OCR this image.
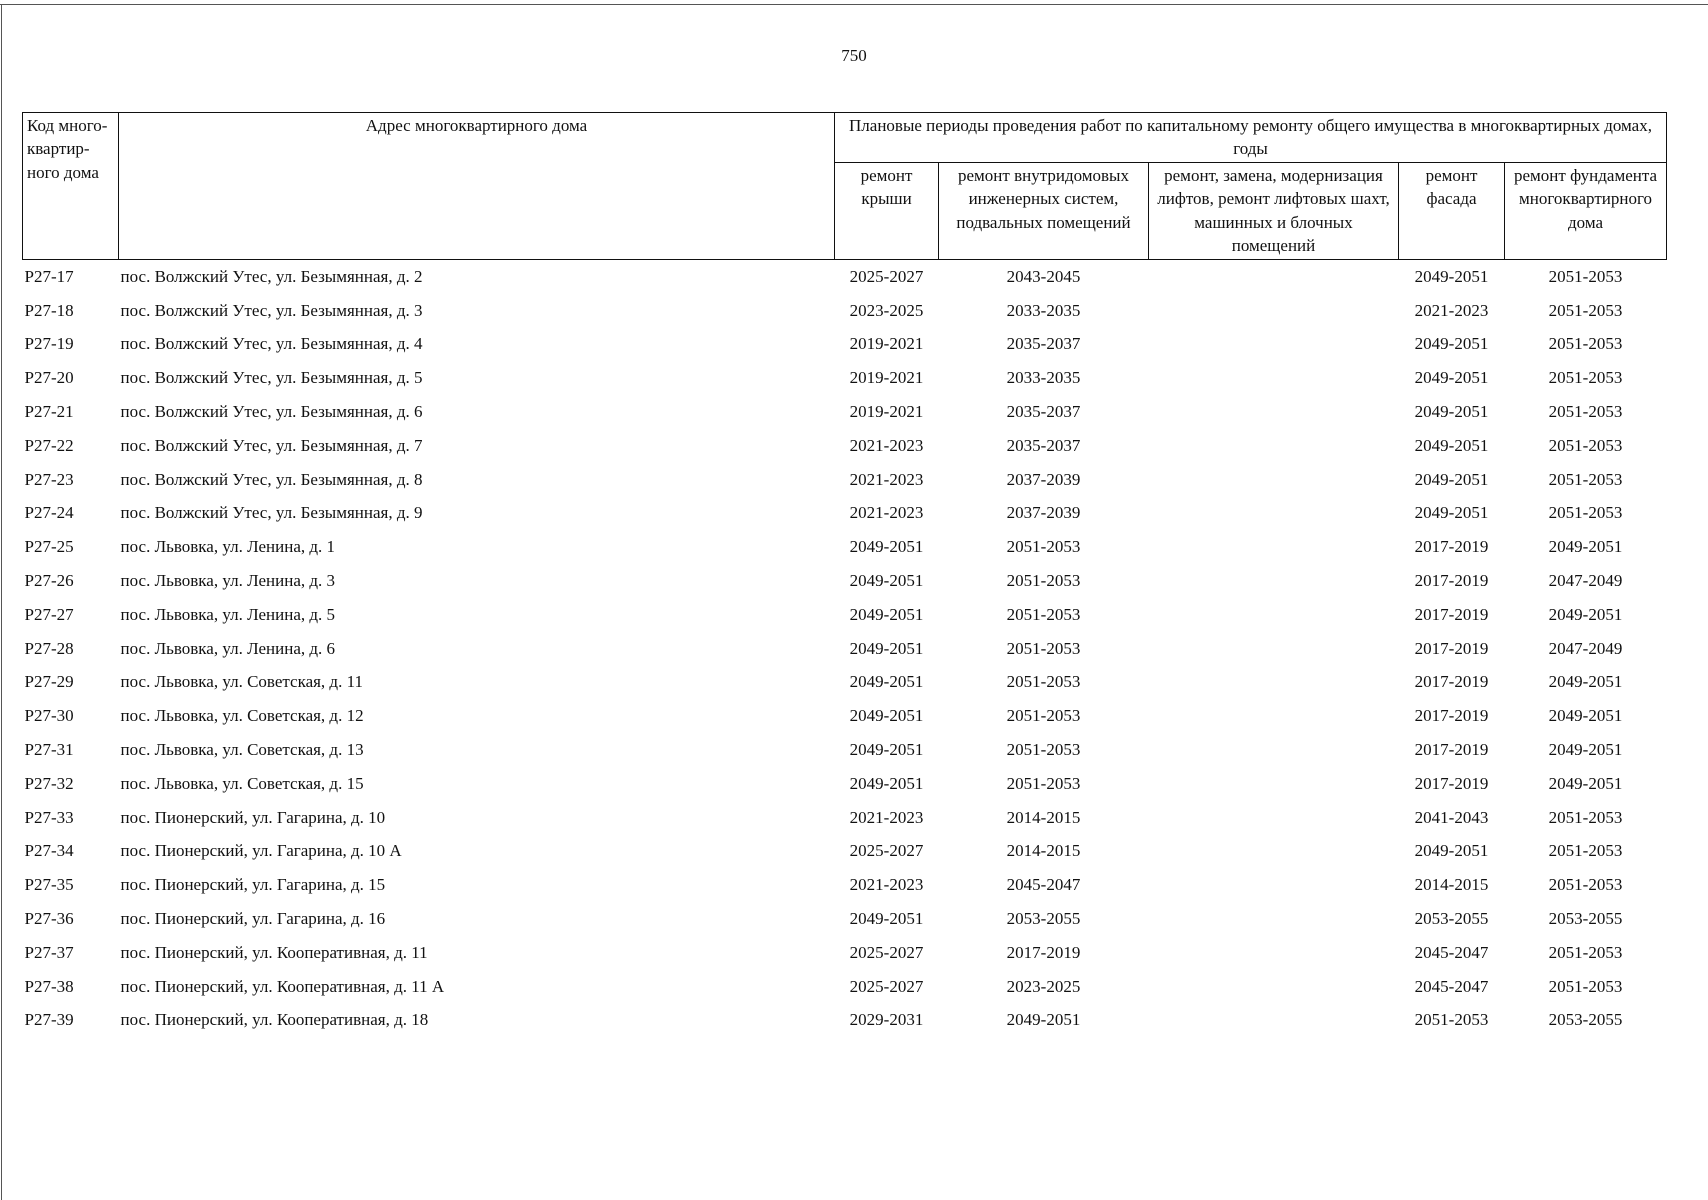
750
Код много-квартир-ного дома	Адрес многоквартирного дома	Плановые периоды проведения работ по капитальному ремонту общего имущества в многоквартирных домах, годы				
		ремонт крыши	ремонт внутридомовых инженерных систем, подвальных помещений	ремонт, замена, модернизация лифтов, ремонт лифтовых шахт, машинных и блочных помещений	ремонт фасада	ремонт фундамента многоквартирного дома
P27-17	пос. Волжский Утес, ул. Безымянная, д. 2	2025-2027	2043-2045		2049-2051	2051-2053
P27-18	пос. Волжский Утес, ул. Безымянная, д. 3	2023-2025	2033-2035		2021-2023	2051-2053
P27-19	пос. Волжский Утес, ул. Безымянная, д. 4	2019-2021	2035-2037		2049-2051	2051-2053
P27-20	пос. Волжский Утес, ул. Безымянная, д. 5	2019-2021	2033-2035		2049-2051	2051-2053
P27-21	пос. Волжский Утес, ул. Безымянная, д. 6	2019-2021	2035-2037		2049-2051	2051-2053
P27-22	пос. Волжский Утес, ул. Безымянная, д. 7	2021-2023	2035-2037		2049-2051	2051-2053
P27-23	пос. Волжский Утес, ул. Безымянная, д. 8	2021-2023	2037-2039		2049-2051	2051-2053
P27-24	пос. Волжский Утес, ул. Безымянная, д. 9	2021-2023	2037-2039		2049-2051	2051-2053
P27-25	пос. Львовка, ул. Ленина, д. 1	2049-2051	2051-2053		2017-2019	2049-2051
P27-26	пос. Львовка, ул. Ленина, д. 3	2049-2051	2051-2053		2017-2019	2047-2049
P27-27	пос. Львовка, ул. Ленина, д. 5	2049-2051	2051-2053		2017-2019	2049-2051
P27-28	пос. Львовка, ул. Ленина, д. 6	2049-2051	2051-2053		2017-2019	2047-2049
P27-29	пос. Львовка, ул. Советская, д. 11	2049-2051	2051-2053		2017-2019	2049-2051
P27-30	пос. Львовка, ул. Советская, д. 12	2049-2051	2051-2053		2017-2019	2049-2051
P27-31	пос. Львовка, ул. Советская, д. 13	2049-2051	2051-2053		2017-2019	2049-2051
P27-32	пос. Львовка, ул. Советская, д. 15	2049-2051	2051-2053		2017-2019	2049-2051
P27-33	пос. Пионерский, ул. Гагарина, д. 10	2021-2023	2014-2015		2041-2043	2051-2053
P27-34	пос. Пионерский, ул. Гагарина, д. 10 А	2025-2027	2014-2015		2049-2051	2051-2053
P27-35	пос. Пионерский, ул. Гагарина, д. 15	2021-2023	2045-2047		2014-2015	2051-2053
P27-36	пос. Пионерский, ул. Гагарина, д. 16	2049-2051	2053-2055		2053-2055	2053-2055
P27-37	пос. Пионерский, ул. Кооперативная, д. 11	2025-2027	2017-2019		2045-2047	2051-2053
P27-38	пос. Пионерский, ул. Кооперативная, д. 11 А	2025-2027	2023-2025		2045-2047	2051-2053
P27-39	пос. Пионерский, ул. Кооперативная, д. 18	2029-2031	2049-2051		2051-2053	2053-2055
